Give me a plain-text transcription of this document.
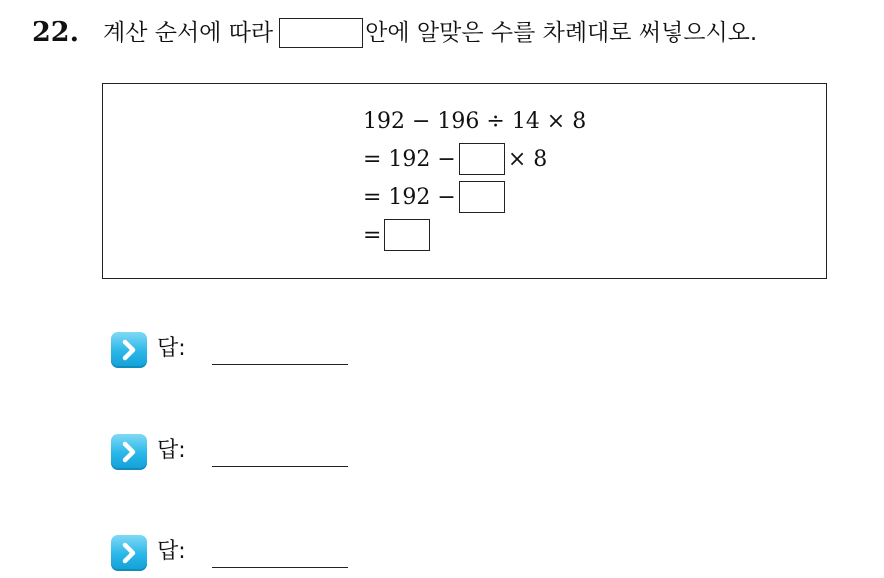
22. 계산 순서에 따라	안에 알맞은 수를 차례대로 써넣으시오.
192 − 196 ÷ 14 × 8
= 192 − × 8
= 192 −
=
답:
답:
답:
